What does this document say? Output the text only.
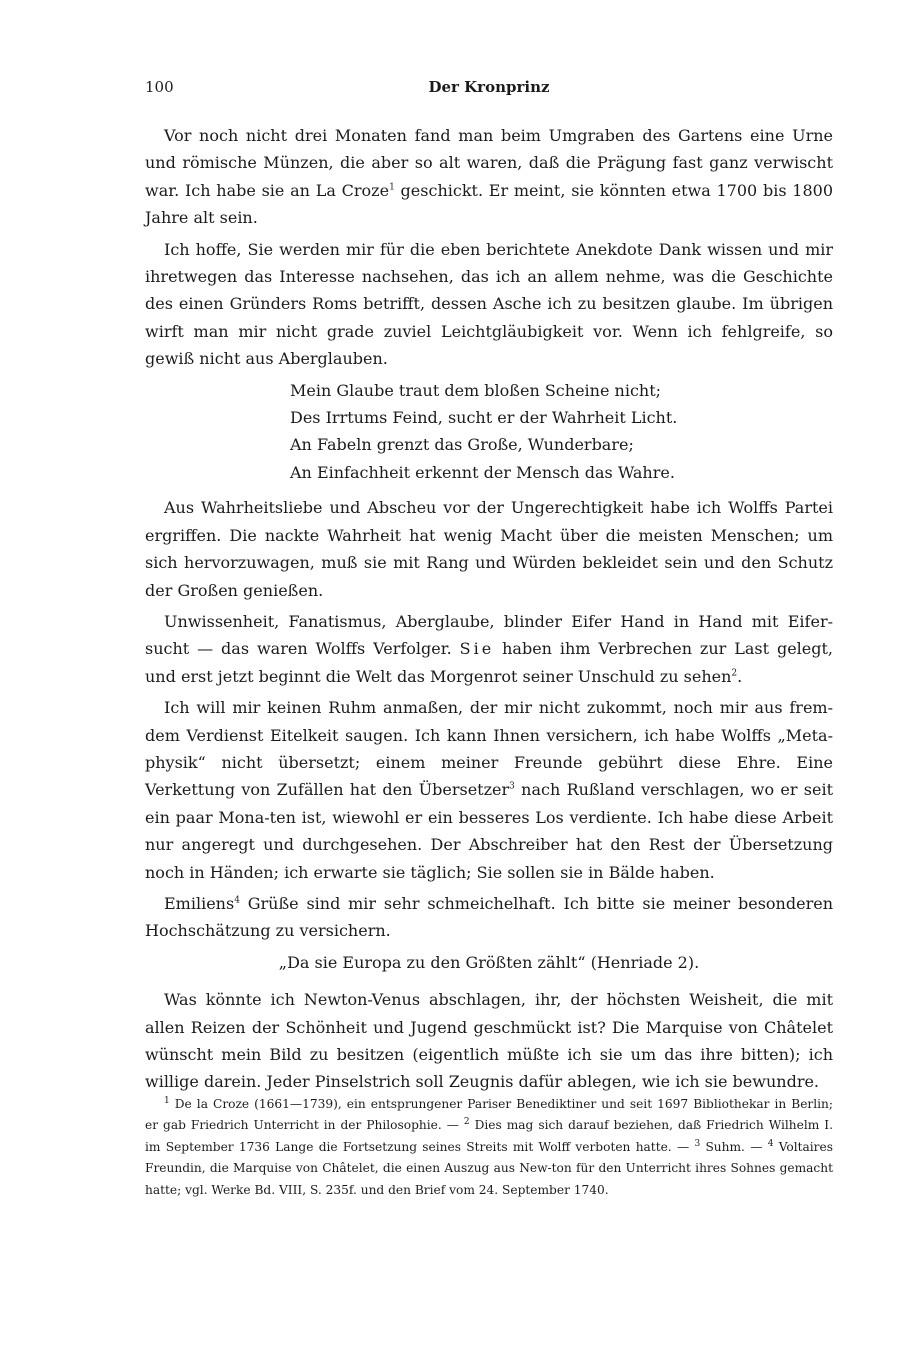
100	Der Kronprinz

Vor noch nicht drei Monaten fand man beim Umgraben des Gartens eine Urne und römische Münzen, die aber so alt waren, daß die Prägung fast ganz verwischt war. Ich habe sie an La Croze$^1$ geschickt. Er meint, sie könnten etwa 1700 bis 1800 Jahre alt sein.

Ich hoffe, Sie werden mir für die eben berichtete Anekdote Dank wissen und mir ihretwegen das Interesse nachsehen, das ich an allem nehme, was die Geschichte des einen Gründers Roms betrifft, dessen Asche ich zu besitzen glaube. Im übrigen wirft man mir nicht grade zuviel Leichtgläubigkeit vor. Wenn ich fehlgreife, so gewiß nicht aus Aberglauben.

Mein Glaube traut dem bloßen Scheine nicht;
Des Irrtums Feind, sucht er der Wahrheit Licht.
An Fabeln grenzt das Große, Wunderbare;
An Einfachheit erkennt der Mensch das Wahre.

Aus Wahrheitsliebe und Abscheu vor der Ungerechtigkeit habe ich Wolffs Partei ergriffen. Die nackte Wahrheit hat wenig Macht über die meisten Menschen; um sich hervorzuwagen, muß sie mit Rang und Würden bekleidet sein und den Schutz der Großen genießen.

Unwissenheit, Fanatismus, Aberglaube, blinder Eifer Hand in Hand mit Eifer-sucht — das waren Wolffs Verfolger. Sie haben ihm Verbrechen zur Last gelegt, und erst jetzt beginnt die Welt das Morgenrot seiner Unschuld zu sehen$^2$.

Ich will mir keinen Ruhm anmaßen, der mir nicht zukommt, noch mir aus frem-dem Verdienst Eitelkeit saugen. Ich kann Ihnen versichern, ich habe Wolffs „Meta-physik“ nicht übersetzt; einem meiner Freunde gebührt diese Ehre. Eine Verkettung von Zufällen hat den Übersetzer$^3$ nach Rußland verschlagen, wo er seit ein paar Mona-ten ist, wiewohl er ein besseres Los verdiente. Ich habe diese Arbeit nur angeregt und durchgesehen. Der Abschreiber hat den Rest der Übersetzung noch in Händen; ich erwarte sie täglich; Sie sollen sie in Bälde haben.

Emiliens$^4$ Grüße sind mir sehr schmeichelhaft. Ich bitte sie meiner besonderen Hochschätzung zu versichern.

„Da sie Europa zu den Größten zählt“ (Henriade 2).

Was könnte ich Newton-Venus abschlagen, ihr, der höchsten Weisheit, die mit allen Reizen der Schönheit und Jugend geschmückt ist? Die Marquise von Châtelet wünscht mein Bild zu besitzen (eigentlich müßte ich sie um das ihre bitten); ich willige darein. Jeder Pinselstrich soll Zeugnis dafür ablegen, wie ich sie bewundre.

$^1$ De la Croze (1661—1739), ein entsprungener Pariser Benediktiner und seit 1697 Bibliothekar in Berlin; er gab Friedrich Unterricht in der Philosophie. — $^2$ Dies mag sich darauf beziehen, daß Friedrich Wilhelm I. im September 1736 Lange die Fortsetzung seines Streits mit Wolff verboten hatte. — $^3$ Suhm. — $^4$ Voltaires Freundin, die Marquise von Châtelet, die einen Auszug aus New-ton für den Unterricht ihres Sohnes gemacht hatte; vgl. Werke Bd. VIII, S. 235f. und den Brief vom 24. September 1740.
